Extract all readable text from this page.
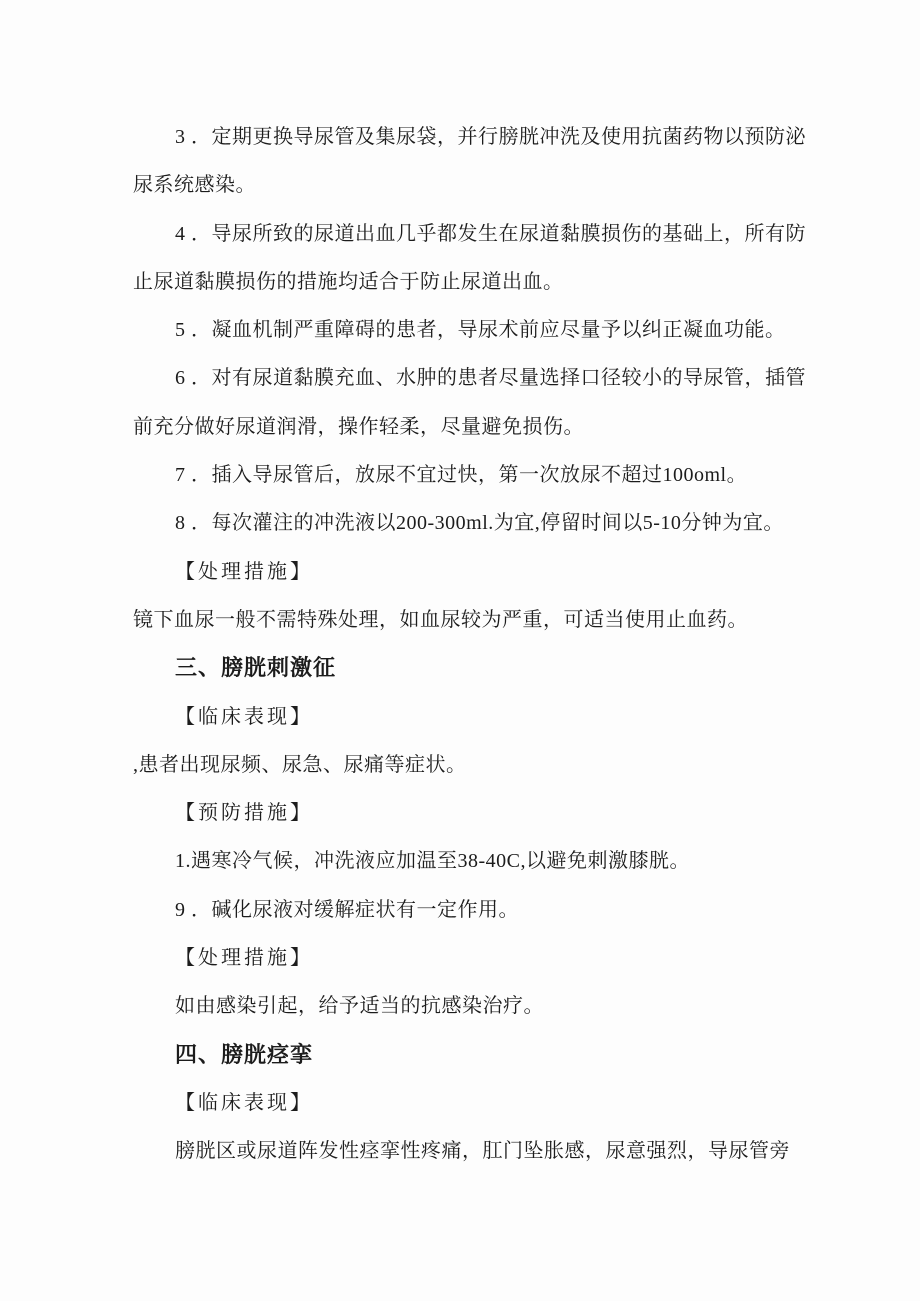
3 ．定期更换导尿管及集尿袋，并行膀胱冲洗及使用抗菌药物以预防泌
尿系统感染。
4 ．导尿所致的尿道出血几乎都发生在尿道黏膜损伤的基础上，所有防
止尿道黏膜损伤的措施均适合于防止尿道出血。
5 ．凝血机制严重障碍的患者，导尿术前应尽量予以纠正凝血功能。
6 ．对有尿道黏膜充血、水肿的患者尽量选择口径较小的导尿管，插管
前充分做好尿道润滑，操作轻柔，尽量避免损伤。
7 ．插入导尿管后，放尿不宜过快，第一次放尿不超过100oml。
8 ．每次灌注的冲洗液以200-300ml.为宜,停留时间以5-10分钟为宜。
【处理措施】
镜下血尿一般不需特殊处理，如血尿较为严重，可适当使用止血药。
三、膀胱刺激征
【临床表现】
,患者出现尿频、尿急、尿痛等症状。
【预防措施】
1.遇寒冷气候，冲洗液应加温至38-40C,以避免刺激膝胱。
9 ．碱化尿液对缓解症状有一定作用。
【处理措施】
如由感染引起，给予适当的抗感染治疗。
四、膀胱痉挛
【临床表现】
膀胱区或尿道阵发性痉挛性疼痛，肛门坠胀感，尿意强烈，导尿管旁
